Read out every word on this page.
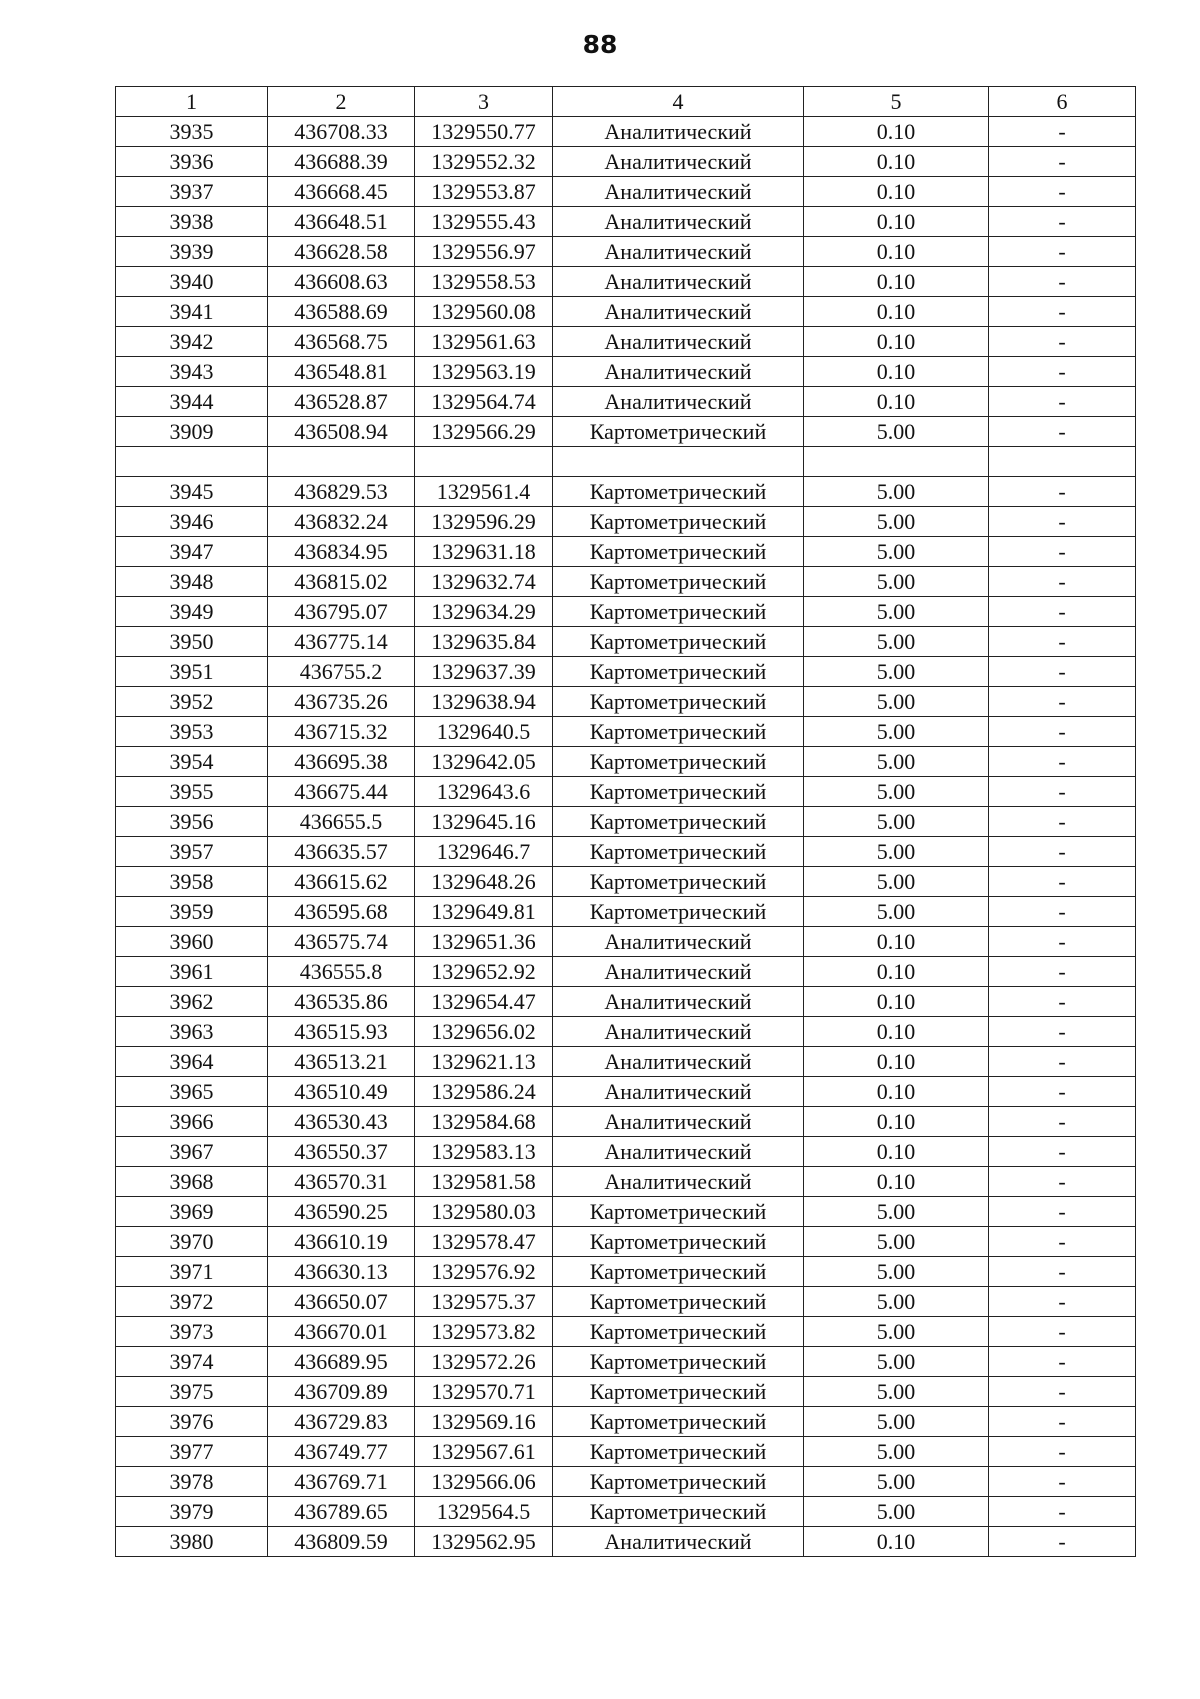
88
1	2	3	4	5	6
3935	436708.33	1329550.77	Аналитический	0.10	-
3936	436688.39	1329552.32	Аналитический	0.10	-
3937	436668.45	1329553.87	Аналитический	0.10	-
3938	436648.51	1329555.43	Аналитический	0.10	-
3939	436628.58	1329556.97	Аналитический	0.10	-
3940	436608.63	1329558.53	Аналитический	0.10	-
3941	436588.69	1329560.08	Аналитический	0.10	-
3942	436568.75	1329561.63	Аналитический	0.10	-
3943	436548.81	1329563.19	Аналитический	0.10	-
3944	436528.87	1329564.74	Аналитический	0.10	-
3909	436508.94	1329566.29	Картометрический	5.00	-

3945	436829.53	1329561.4	Картометрический	5.00	-
3946	436832.24	1329596.29	Картометрический	5.00	-
3947	436834.95	1329631.18	Картометрический	5.00	-
3948	436815.02	1329632.74	Картометрический	5.00	-
3949	436795.07	1329634.29	Картометрический	5.00	-
3950	436775.14	1329635.84	Картометрический	5.00	-
3951	436755.2	1329637.39	Картометрический	5.00	-
3952	436735.26	1329638.94	Картометрический	5.00	-
3953	436715.32	1329640.5	Картометрический	5.00	-
3954	436695.38	1329642.05	Картометрический	5.00	-
3955	436675.44	1329643.6	Картометрический	5.00	-
3956	436655.5	1329645.16	Картометрический	5.00	-
3957	436635.57	1329646.7	Картометрический	5.00	-
3958	436615.62	1329648.26	Картометрический	5.00	-
3959	436595.68	1329649.81	Картометрический	5.00	-
3960	436575.74	1329651.36	Аналитический	0.10	-
3961	436555.8	1329652.92	Аналитический	0.10	-
3962	436535.86	1329654.47	Аналитический	0.10	-
3963	436515.93	1329656.02	Аналитический	0.10	-
3964	436513.21	1329621.13	Аналитический	0.10	-
3965	436510.49	1329586.24	Аналитический	0.10	-
3966	436530.43	1329584.68	Аналитический	0.10	-
3967	436550.37	1329583.13	Аналитический	0.10	-
3968	436570.31	1329581.58	Аналитический	0.10	-
3969	436590.25	1329580.03	Картометрический	5.00	-
3970	436610.19	1329578.47	Картометрический	5.00	-
3971	436630.13	1329576.92	Картометрический	5.00	-
3972	436650.07	1329575.37	Картометрический	5.00	-
3973	436670.01	1329573.82	Картометрический	5.00	-
3974	436689.95	1329572.26	Картометрический	5.00	-
3975	436709.89	1329570.71	Картометрический	5.00	-
3976	436729.83	1329569.16	Картометрический	5.00	-
3977	436749.77	1329567.61	Картометрический	5.00	-
3978	436769.71	1329566.06	Картометрический	5.00	-
3979	436789.65	1329564.5	Картометрический	5.00	-
3980	436809.59	1329562.95	Аналитический	0.10	-
